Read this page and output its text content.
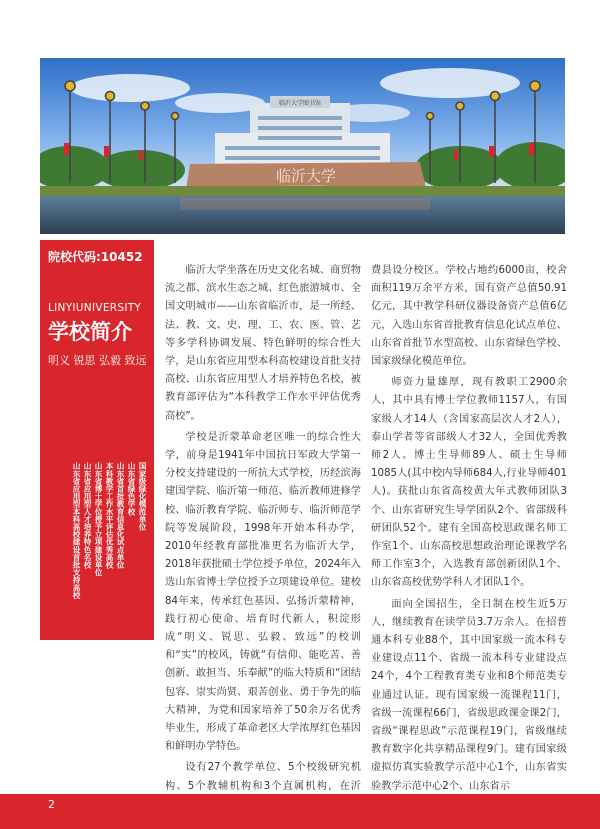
临沂大学图书馆
临沂大学
院校代码:10452
LINYIUNIVERSITY
学校简介
明义 锐思 弘毅 致远
国家级绿化模范单位
山东省绿色学校
山东省首批教育信息化试点单位
本科教学工作水平评估优秀高校
山东省博士学位授予立项建设单位
山东省应用型人才培养特色名校
山东省应用型本科高校建设首批支持高校

临沂大学坐落在历史文化名城、商贸物流之都、滨水生态之城、红色旅游城市、全国文明城市——山东省临沂市，是一所经、法、教、文、史、理、工、农、医、管、艺等多学科协调发展、特色鲜明的综合性大学，是山东省应用型本科高校建设首批支持高校、山东省应用型人才培养特色名校，被教育部评估为“本科教学工作水平评估优秀高校”。

学校是沂蒙革命老区唯一的综合性大学，前身是1941年中国抗日军政大学第一分校支持建设的一所抗大式学校，历经滨海建国学院、临沂第一师范、临沂教师进修学校、临沂教育学院、临沂师专、临沂师范学院等发展阶段，1998年开始本科办学，2010年经教育部批准更名为临沂大学，2018年获批硕士学位授予单位，2024年入选山东省博士学位授予立项建设单位。建校84年来，传承红色基因、弘扬沂蒙精神，践行初心使命、培育时代新人，积淀形成“明义、锐思、弘毅、致远”的校训和“实”的校风，铸就“有信仰、能吃苦、善创新、敢担当、乐奉献”的临大特质和“团结包容、崇实尚贤、艰苦创业、勇于争先的临大精神，为党和国家培养了50余万名优秀毕业生，形成了革命老区大学浓厚红色基因和鲜明办学特色。

设有27个教学单位、5个校级研究机构、5个教辅机构和3个直属机构，在沂

费县设分校区。学校占地约6000亩，校舍面积119万余平方米，国有资产总值50.91亿元，其中教学科研仪器设备资产总值6亿元，入选山东省首批教育信息化试点单位、山东省首批节水型高校、山东省绿色学校、国家级绿化模范单位。

师资力量雄厚，现有教职工2900余人，其中具有博士学位教师1157人，有国家级人才14人（含国家高层次人才2人），泰山学者等省部级人才32人，全国优秀教师2人。博士生导师89人、硕士生导师1085人(其中校内导师684人,行业导师401人)。获批山东省高校黄大年式教师团队3个、山东省研究生导学团队2个、省部级科研团队52个。建有全国高校思政课名师工作室1个、山东高校思想政治理论课教学名师工作室3个，入选教育部创新团队1个、山东省高校优势学科人才团队1个。

面向全国招生，全日制在校生近5万人，继续教育在读学员3.7万余人。在招普通本科专业88个，其中国家级一流本科专业建设点11个、省级一流本科专业建设点24个，4个工程教育类专业和8个师范类专业通过认证。现有国家级一流课程11门，省级一流课程66门，省级思政课金课2门，省级“课程思政”示范课程19门，省级继续教育数字化共享精品课程9门。建有国家级虚拟仿真实验教学示范中心1个，山东省实验教学示范中心2个、山东省示

2
